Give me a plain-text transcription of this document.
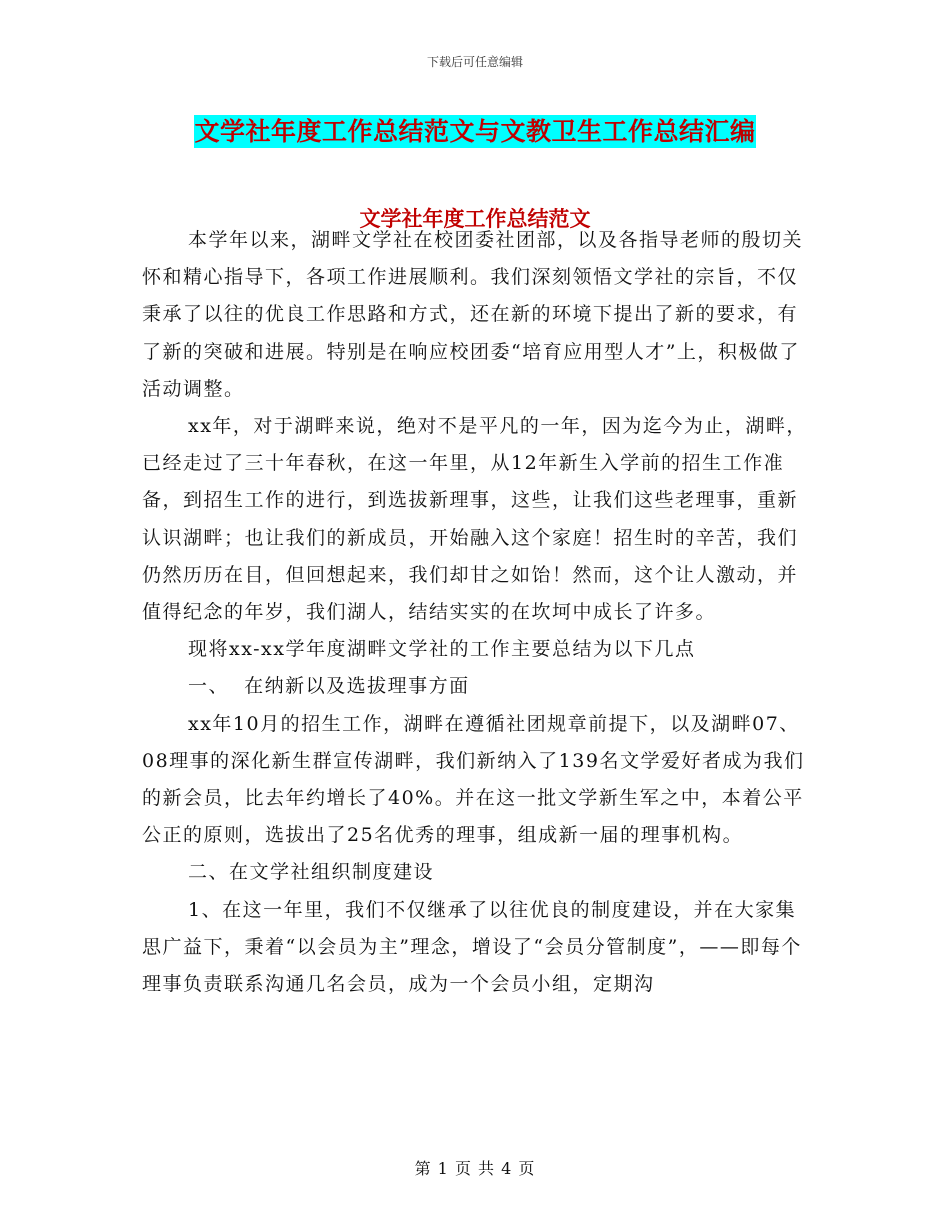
下载后可任意编辑
文学社年度工作总结范文与文教卫生工作总结汇编
文学社年度工作总结范文

本学年以来，湖畔文学社在校团委社团部，以及各指导老师的殷切关怀和精心指导下，各项工作进展顺利。我们深刻领悟文学社的宗旨，不仅秉承了以往的优良工作思路和方式，还在新的环境下提出了新的要求，有了新的突破和进展。特别是在响应校团委“培育应用型人才”上，积极做了活动调整。

xx年，对于湖畔来说，绝对不是平凡的一年，因为迄今为止，湖畔，已经走过了三十年春秋，在这一年里，从12年新生入学前的招生工作准备，到招生工作的进行，到选拔新理事，这些，让我们这些老理事，重新认识湖畔；也让我们的新成员，开始融入这个家庭！招生时的辛苦，我们仍然历历在目，但回想起来，我们却甘之如饴！然而，这个让人激动，并值得纪念的年岁，我们湖人，结结实实的在坎坷中成长了许多。

现将xx-xx学年度湖畔文学社的工作主要总结为以下几点

一、  在纳新以及选拔理事方面

xx年10月的招生工作，湖畔在遵循社团规章前提下，以及湖畔07、08理事的深化新生群宣传湖畔，我们新纳入了139名文学爱好者成为我们的新会员，比去年约增长了40%。并在这一批文学新生军之中，本着公平公正的原则，选拔出了25名优秀的理事，组成新一届的理事机构。

二、在文学社组织制度建设

1、在这一年里，我们不仅继承了以往优良的制度建设，并在大家集思广益下，秉着“以会员为主”理念，增设了“会员分管制度”，——即每个理事负责联系沟通几名会员，成为一个会员小组，定期沟

第 1 页 共 4 页
